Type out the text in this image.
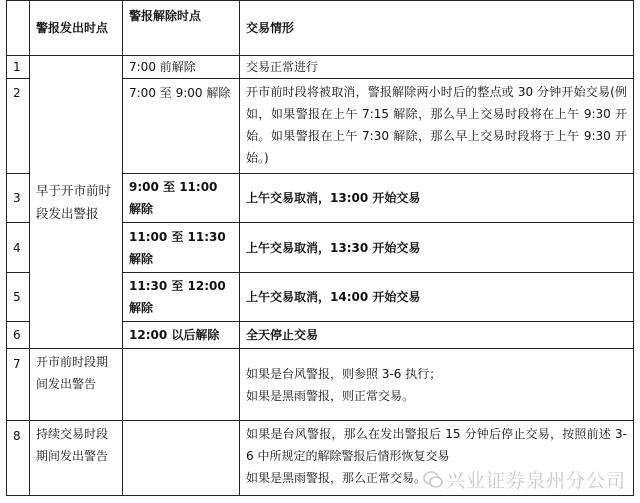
	警报发出时点	警报解除时点	交易情形
1	早于开市前时段发出警报	7:00 前解除	交易正常进行
2		7:00 至 9:00 解除	开市前时段将被取消，警报解除两小时后的整点或 30 分钟开始交易(例如，如果警报在上午 7:15 解除，那么早上交易时段将在上午 9:30 开始。如果警报在上午 7:30 解除，那么早上交易时段将于上午 9:30 开始。)
3		9:00 至 11:00 解除	上午交易取消，13:00 开始交易
4		11:00 至 11:30 解除	上午交易取消，13:30 开始交易
5		11:30 至 12:00 解除	上午交易取消，14:00 开始交易
6		12:00 以后解除	全天停止交易
7	开市前时段期间发出警告		如果是台风警报，则参照 3-6 执行；
如果是黑雨警报，则正常交易。

8	持续交易时段期间发出警告		如果是台风警报，那么在发出警报后 15 分钟后停止交易，按照前述 3-6 中所规定的解除警报后情形恢复交易
如果是黑雨警报，那么正常交易。	兴业证券泉州分公司
